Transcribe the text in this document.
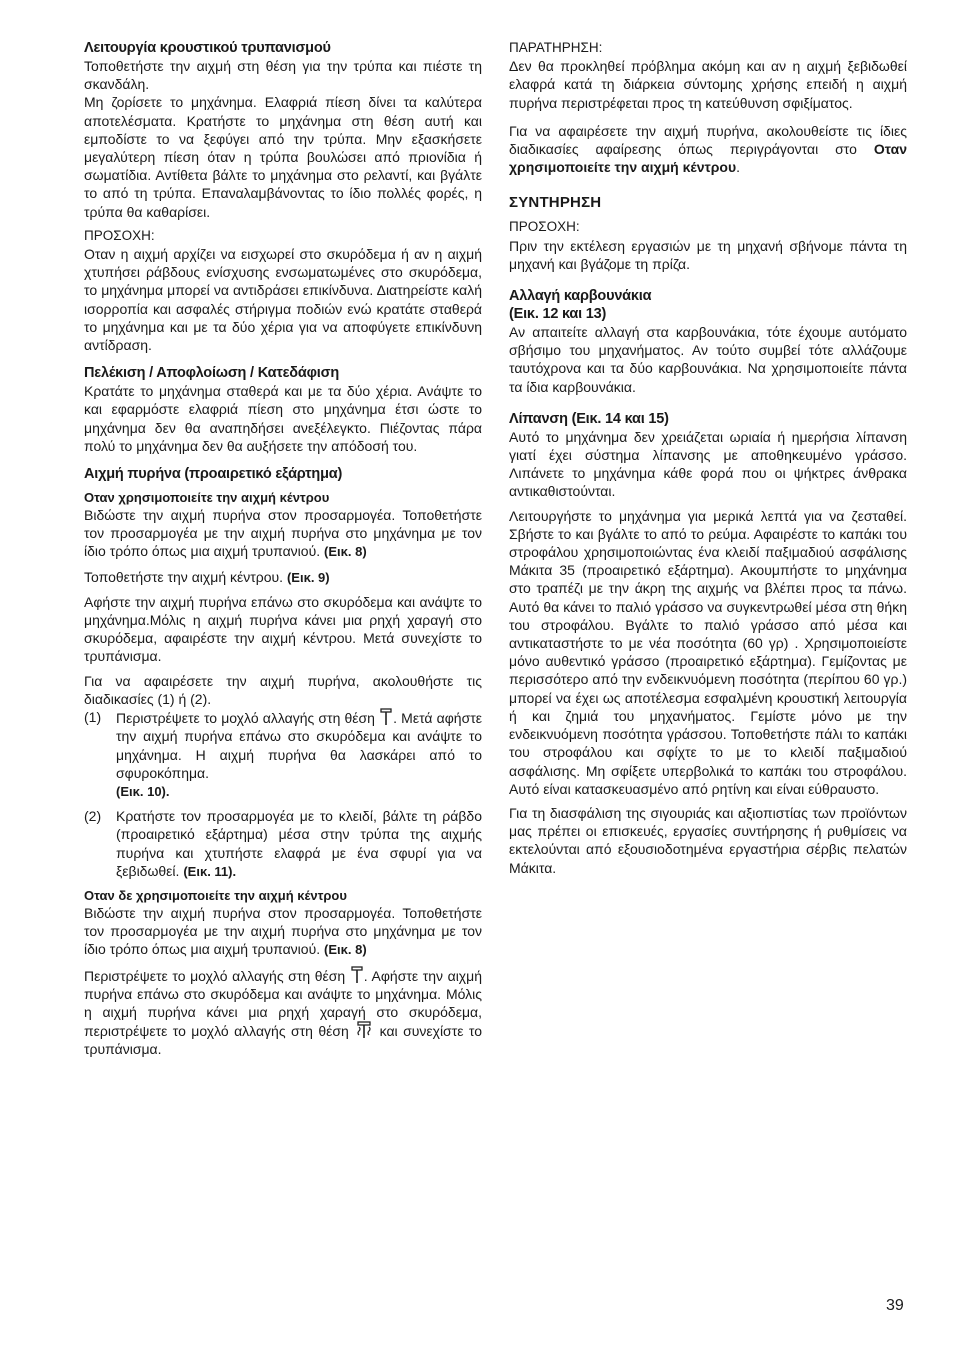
Λειτουργία κρουστικού τρυπανισμού

Τοποθετήστε την αιχμή στη θέση για την τρύπα και πιέστε τη σκανδάλη.

Μη ζορίσετε το μηχάνημα. Ελαφριά πίεση δίνει τα καλύτερα αποτελέσματα. Κρατήστε το μηχάνημα στη θέση αυτή και εμποδίστε το να ξεφύγει από την τρύπα. Μην εξασκήσετε μεγαλύτερη πίεση όταν η τρύπα βουλώσει από πριονίδια ή σωματίδια. Αντίθετα βάλτε το μηχάνημα στο ρελαντί, και βγάλτε το από τη τρύπα. Επαναλαμβάνοντας το ίδιο πολλές φορές, η τρύπα θα καθαρίσει.

ΠΡΟΣΟΧΗ:

Οταν η αιχμή αρχίζει να εισχωρεί στο σκυρόδεμα ή αν η αιχμή χτυπήσει ράβδους ενίσχυσης ενσωματωμένες στο σκυρόδεμα, το μηχάνημα μπορεί να αντιδράσει επικίνδυνα. Διατηρείστε καλή ισορροπία και ασφαλές στήριγμα ποδιών ενώ κρατάτε σταθερά το μηχάνημα και με τα δύο χέρια για να αποφύγετε επικίνδυνη αντίδραση.

Πελέκιση / Αποφλοίωση / Κατεδάφιση

Κρατάτε το μηχάνημα σταθερά και με τα δύο χέρια. Ανάψτε το και εφαρμόστε ελαφριά πίεση στο μηχάνημα έτσι ώστε το μηχάνημα δεν θα αναπηδήσει ανεξέλεγκτο. Πιέζοντας πάρα πολύ το μηχάνημα δεν θα αυξήσετε την απόδοσή του.

Αιχμή πυρήνα (προαιρετικό εξάρτημα)
Οταν χρησιμοποιείτε την αιχμή κέντρου

Βιδώστε την αιχμή πυρήνα στον προσαρμογέα. Τοποθετήστε τον προσαρμογέα με την αιχμή πυρήνα στο μηχάνημα με τον ίδιο τρόπο όπως μια αιχμή τρυπανιού. (Εικ. 8)

Τοποθετήστε την αιχμή κέντρου. (Εικ. 9)

Αφήστε την αιχμή πυρήνα επάνω στο σκυρόδεμα και ανάψτε το μηχάνημα.Μόλις η αιχμή πυρήνα κάνει μια ρηχή χαραγή στο σκυρόδεμα, αφαιρέστε την αιχμή κέντρου. Μετά συνεχίστε το τρυπάνισμα.

Για να αφαιρέσετε την αιχμή πυρήνα, ακολουθήστε τις διαδικασίες (1) ή (2).

(1)	Περιστρέψετε το μοχλό αλλαγής στη θέση . Μετά αφήστε την αιχμή πυρήνα επάνω στο σκυρόδεμα και ανάψτε το μηχάνημα. Η αιχμή πυρήνα θα λασκάρει από το σφυροκόπημα.
(Εικ. 10).
(2)	Κρατήστε τον προσαρμογέα με το κλειδί, βάλτε τη ράβδο (προαιρετικό εξάρτημα) μέσα στην τρύπα της αιχμής πυρήνα και χτυπήστε ελαφρά με ένα σφυρί για να ξεβιδωθεί. (Εικ. 11).
Οταν δε χρησιμοποιείτε την αιχμή κέντρου

Βιδώστε την αιχμή πυρήνα στον προσαρμογέα. Τοποθετήστε τον προσαρμογέα με την αιχμή πυρήνα στο μηχάνημα με τον ίδιο τρόπο όπως μια αιχμή τρυπανιού. (Εικ. 8)

Περιστρέψετε το μοχλό αλλαγής στη θέση . Αφήστε την αιχμή πυρήνα επάνω στο σκυρόδεμα και ανάψτε το μηχάνημα. Μόλις η αιχμή πυρήνα κάνει μια ρηχή χαραγή στο σκυρόδεμα, περιστρέψετε το μοχλό αλλαγής στη θέση και συνεχίστε το τρυπάνισμα.

ΠΑΡΑΤΗΡΗΣΗ:

Δεν θα προκληθεί πρόβλημα ακόμη και αν η αιχμή ξεβιδωθεί ελαφρά κατά τη διάρκεια σύντομης χρήσης επειδή η αιχμή πυρήνα περιστρέφεται προς τη κατεύθυνση σφιξίματος.

Για να αφαιρέσετε την αιχμή πυρήνα, ακολουθείστε τις ίδιες διαδικασίες αφαίρεσης όπως περιγράγονται στο Οταν χρησιμοποιείτε την αιχμή κέντρου.

ΣΥΝΤΗΡΗΣΗ
ΠΡΟΣΟΧΗ:

Πριν την εκτέλεση εργασιών με τη μηχανή σβήνομε πάντα τη μηχανή και βγάζομε τη πρίζα.

Αλλαγή καρβουνάκια
(Εικ. 12 και 13)

Αν απαιτείτε αλλαγή στα καρβουνάκια, τότε έχουμε αυτόματο σβήσιμο του μηχανήματος. Αν τούτο συμβεί τότε αλλάζουμε ταυτόχρονα και τα δύο καρβουνάκια. Να χρησιμοποιείτε πάντα τα ίδια καρβουνάκια.

Λίπανση (Εικ. 14 και 15)

Αυτό το μηχάνημα δεν χρειάζεται ωριαία ή ημερήσια λίπανση γιατί έχει σύστημα λίπανσης με αποθηκευμένο γράσσο. Λιπάνετε το μηχάνημα κάθε φορά που οι ψήκτρες άνθρακα αντικαθιστούνται.

Λειτουργήστε το μηχάνημα για μερικά λεπτά για να ζεσταθεί. Σβήστε το και βγάλτε το από το ρεύμα. Αφαιρέστε το καπάκι του στροφάλου χρησιμοποιώντας ένα κλειδί παξιμαδιού ασφάλισης Μάκιτα 35 (προαιρετικό εξάρτημα). Ακουμπήστε το μηχάνημα στο τραπέζι με την άκρη της αιχμής να βλέπει προς τα πάνω. Αυτό θα κάνει το παλιό γράσσο να συγκεντρωθεί μέσα στη θήκη του στροφάλου. Βγάλτε το παλιό γράσσο από μέσα και αντικαταστήστε το με νέα ποσότητα (60 γρ) . Χρησιμοποιείστε μόνο αυθεντικό γράσσο (προαιρετικό εξάρτημα). Γεμίζοντας με περισσότερο από την ενδεικνυόμενη ποσότητα (περίπου 60 γρ.) μπορεί να έχει ως αποτέλεσμα εσφαλμένη κρουστική λειτουργία ή και ζημιά του μηχανήματος. Γεμίστε μόνο με την ενδεικνυόμενη ποσότητα γράσσου. Τοποθετήστε πάλι το καπάκι του στροφάλου και σφίχτε το με το κλειδί παξιμαδιού ασφάλισης. Μη σφίξετε υπερβολικά το καπάκι του στροφάλου. Αυτό είναι κατασκευασμένο από ρητίνη και είναι εύθραυστο.

Για τη διασφάλιση της σιγουριάς και αξιοπιστίας των προϊόντων μας πρέπει οι επισκευές, εργασίες συντήρησης ή ρυθμίσεις να εκτελούνται από εξουσιοδοτημένα εργαστήρια σέρβις πελατών Μάκιτα.

39
